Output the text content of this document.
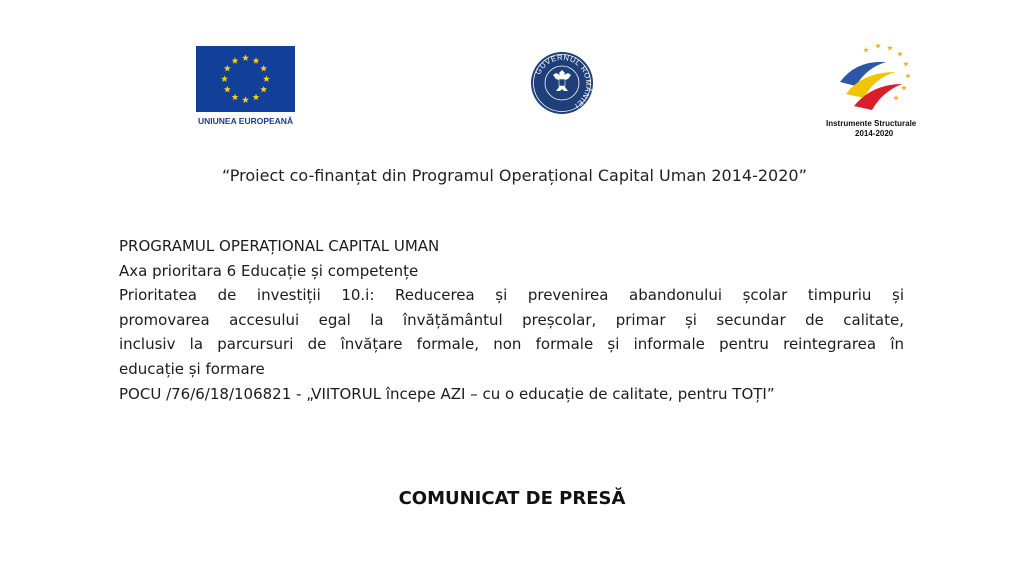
UNIUNEA EUROPEANĂ
GUVERNUL ROMÂNIEI
Instrumente Structurale
2014-2020
“Proiect co-finanțat din Programul Operațional Capital Uman 2014-2020”
PROGRAMUL OPERAȚIONAL CAPITAL UMAN
Axa prioritara 6 Educație și competențe
Prioritatea de investiții 10.i: Reducerea și prevenirea abandonului școlar timpuriu și
promovarea accesului egal la învățământul preșcolar, primar și secundar de calitate,
inclusiv la parcursuri de învățare formale, non formale și informale pentru reintegrarea în
educație și formare
POCU /76/6/18/106821 - „VIITORUL începe AZI – cu o educație de calitate, pentru TOȚI”
COMUNICAT DE PRESĂ
